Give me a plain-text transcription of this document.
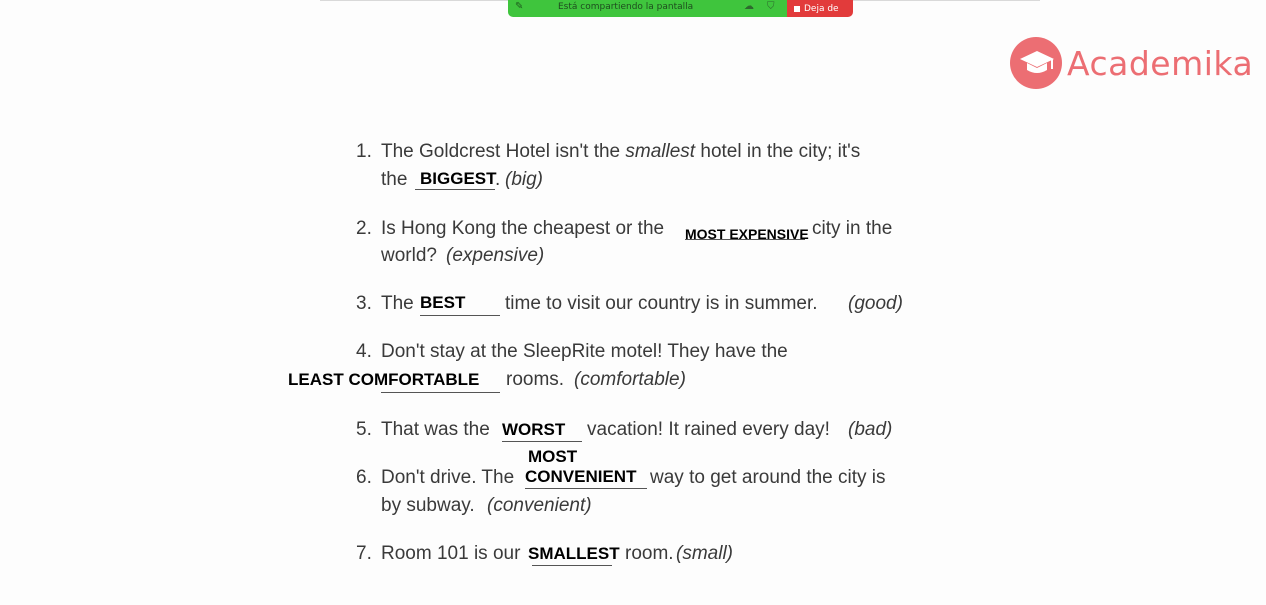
✎	Está compartiendo la pantalla	☁ ⛉	Deja de
Academika
1. The Goldcrest Hotel isn't the smallest hotel in the city; it's
the	. (big)
BIGGEST
2. Is Hong Kong the cheapest or the	city in the
world? (expensive)
MOST EXPENSIVE
3. The	time to visit our country is in summer. (good)
BEST
4. Don't stay at the SleepRite motel! They have the
rooms. (comfortable)
LEAST COMFORTABLE
5. That was the	vacation! It rained every day! (bad)
WORST
MOST
6. Don't drive. The	way to get around the city is
by subway. (convenient)
CONVENIENT
7. Room 101 is our	room. (small)
SMALLEST
